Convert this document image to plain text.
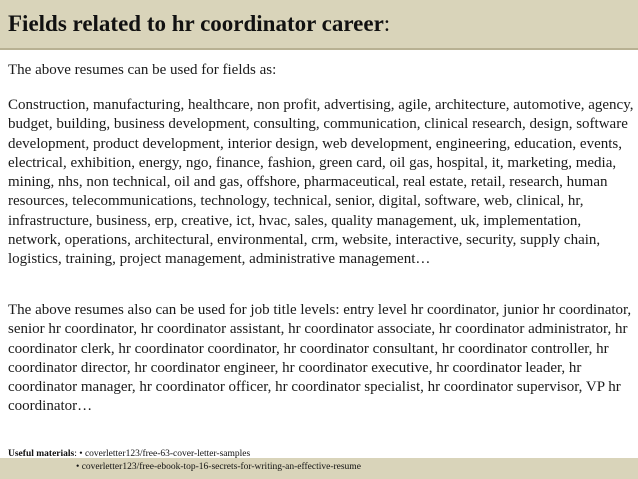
Fields related to hr coordinator career:
The above resumes can be used for fields as:
Construction, manufacturing, healthcare, non profit, advertising, agile, architecture, automotive, agency, budget, building, business development, consulting, communication, clinical research, design, software development, product development, interior design, web development, engineering, education, events, electrical, exhibition, energy, ngo, finance, fashion, green card, oil gas, hospital, it, marketing, media, mining, nhs, non technical, oil and gas, offshore, pharmaceutical, real estate, retail, research, human resources, telecommunications, technology, technical, senior, digital, software, web, clinical, hr, infrastructure, business, erp, creative, ict, hvac, sales, quality management, uk, implementation, network, operations, architectural, environmental, crm, website, interactive, security, supply chain, logistics, training, project management, administrative management…
The above resumes also can be used for job title levels: entry level hr coordinator, junior hr coordinator, senior hr coordinator, hr coordinator assistant, hr coordinator associate, hr coordinator administrator, hr coordinator clerk, hr coordinator coordinator, hr coordinator consultant, hr coordinator controller, hr coordinator director, hr coordinator engineer, hr coordinator executive, hr coordinator leader, hr coordinator manager, hr coordinator officer, hr coordinator specialist, hr coordinator supervisor, VP hr coordinator…
Useful materials: • coverletter123/free-63-cover-letter-samples
• coverletter123/free-ebook-top-16-secrets-for-writing-an-effective-resume
